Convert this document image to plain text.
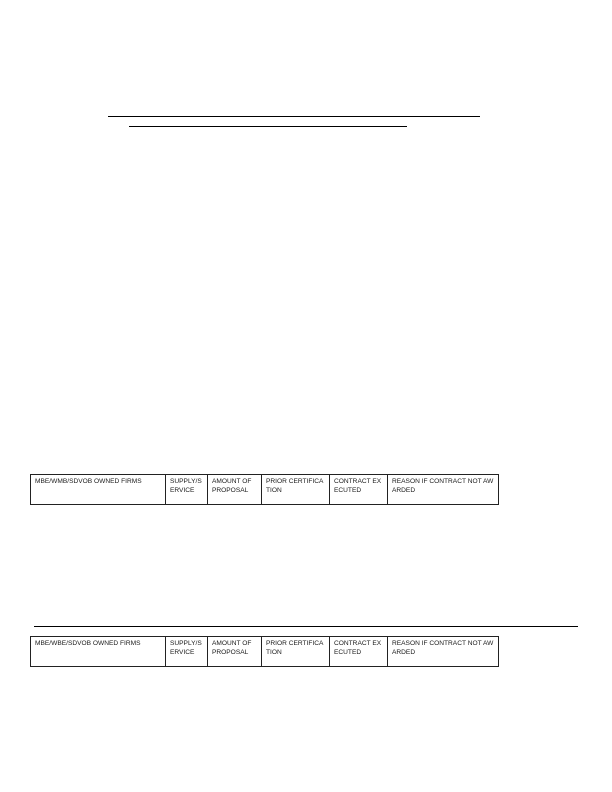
MBE/WMB/SDVOB OWNED FIRMS	SUPPLY/SERVICE	AMOUNT OF PROPOSAL	PRIOR CERTIFICATION	CONTRACT EXECUTED	REASON IF CONTRACT NOT AWARDED
MBE/WBE/SDVOB OWNED FIRMS	SUPPLY/SERVICE	AMOUNT OF PROPOSAL	PRIOR CERTIFICATION	CONTRACT EXECUTED	REASON IF CONTRACT NOT AWARDED
